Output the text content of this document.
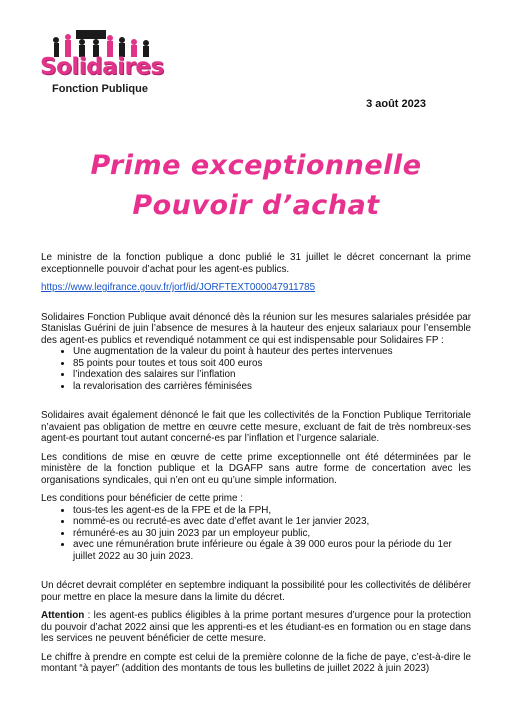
Solidaires
Fonction Publique
3 août 2023
Prime exceptionnelle
Pouvoir d’achat

Le ministre de la fonction publique a donc publié le 31 juillet le décret concernant la prime exceptionnelle pouvoir d’achat pour les agent-es publics.

https://www.legifrance.gouv.fr/jorf/id/JORFTEXT000047911785

Solidaires Fonction Publique avait dénoncé dès la réunion sur les mesures salariales présidée par Stanislas Guérini de juin l’absence de mesures à la hauteur des enjeux salariaux pour l’ensemble des agent-es publics et revendiqué notamment ce qui est indispensable pour Solidaires FP :

• Une augmentation de la valeur du point à hauteur des pertes intervenues
• 85 points pour toutes et tous soit 400 euros
• l’indexation des salaires sur l’inflation
• la revalorisation des carrières féminisées

Solidaires avait également dénoncé le fait que les collectivités de la Fonction Publique Territoriale n’avaient pas obligation de mettre en œuvre cette mesure, excluant de fait de très nombreux-ses agent-es pourtant tout autant concerné-es par l’inflation et l’urgence salariale.

Les conditions de mise en œuvre de cette prime exceptionnelle ont été déterminées par le ministère de la fonction publique et la DGAFP sans autre forme de concertation avec les organisations syndicales, qui n’en ont eu qu’une simple information.

Les conditions pour bénéficier de cette prime :

• tous-tes les agent-es de la FPE et de la FPH,
• nommé-es ou recruté-es avec date d’effet avant le 1er janvier 2023,
• rémunéré-es au 30 juin 2023 par un employeur public,
• avec une rémunération brute inférieure ou égale à 39 000 euros pour la période du 1er juillet 2022 au 30 juin 2023.

Un décret devrait compléter en septembre indiquant la possibilité pour les collectivités de délibérer pour mettre en place la mesure dans la limite du décret.

Attention : les agent-es publics éligibles à la prime portant mesures d’urgence pour la protection du pouvoir d’achat 2022 ainsi que les apprenti-es et les étudiant-es en formation ou en stage dans les services ne peuvent bénéficier de cette mesure.

Le chiffre à prendre en compte est celui de la première colonne de la fiche de paye, c’est-à-dire le montant “à payer” (addition des montants de tous les bulletins de juillet 2022 à juin 2023)
